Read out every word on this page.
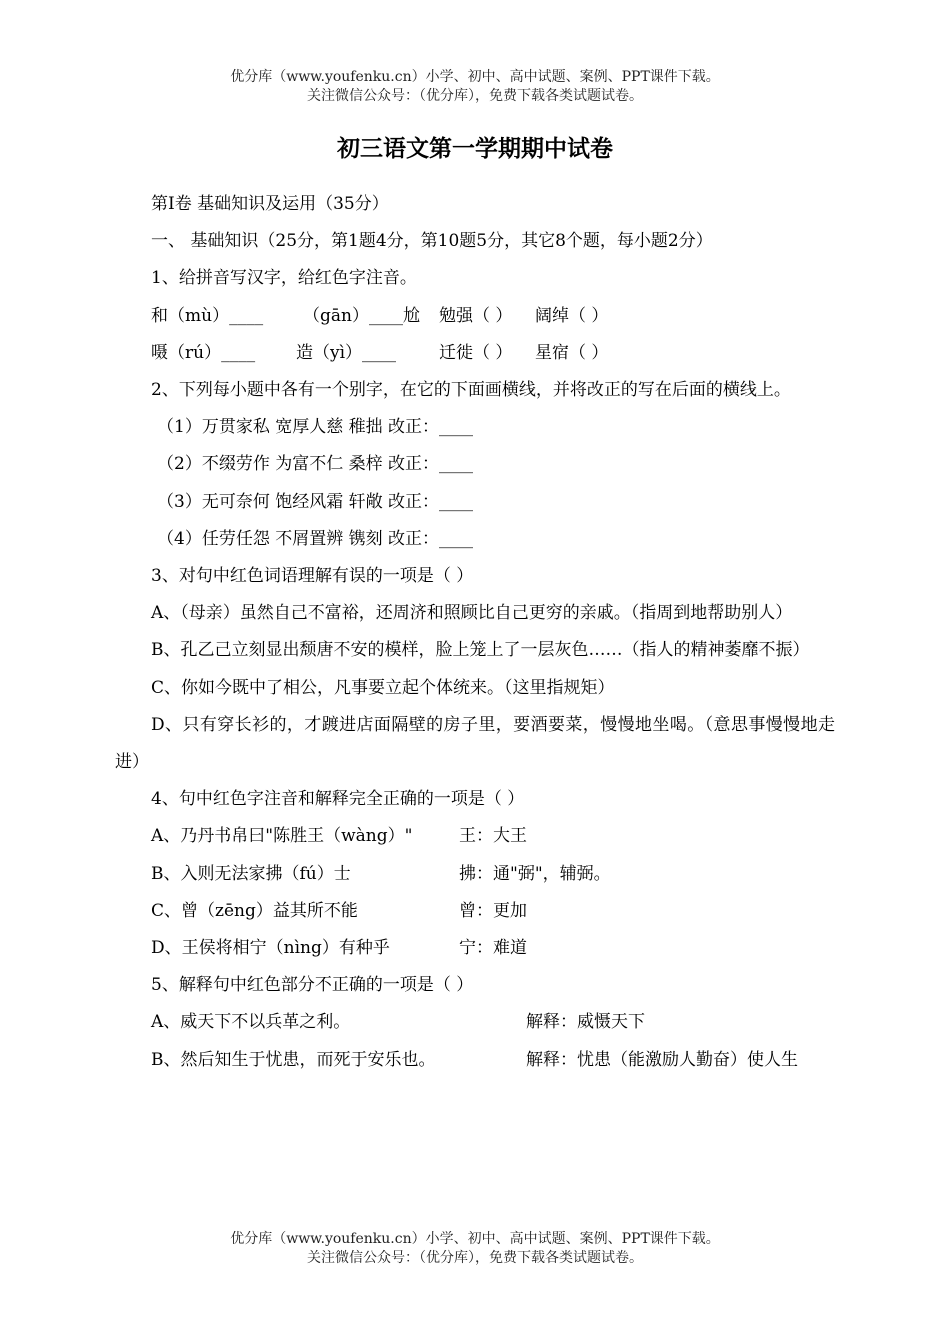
优分库（www.youfenku.cn）小学、初中、高中试题、案例、PPT课件下载。
关注微信公众号：（优分库），免费下载各类试题试卷。
初三语文第一学期期中试卷

第Ⅰ卷 基础知识及运用（35分）

一、 基础知识（25分，第1题4分，第10题5分，其它8个题，每小题2分）

1、给拼音写汉字，给红色字注音。

和（mù）____ （gān）____尬 勉强（ ） 阔绰（ ）

嗫（rú）____ 造（yì）____	迁徙（ ） 星宿（ ）

2、下列每小题中各有一个别字，在它的下面画横线，并将改正的写在后面的横线上。

（1）万贯家私 宽厚人慈 稚拙 改正：____

（2）不缀劳作 为富不仁 桑梓 改正：____

（3）无可奈何 饱经风霜 轩敞 改正：____

（4）任劳任怨 不屑置辨 镌刻 改正：____

3、对句中红色词语理解有误的一项是（ ）

A、（母亲）虽然自己不富裕，还周济和照顾比自己更穷的亲戚。（指周到地帮助别人）

B、孔乙己立刻显出颓唐不安的模样，脸上笼上了一层灰色……（指人的精神萎靡不振）

C、你如今既中了相公，凡事要立起个体统来。（这里指规矩）

D、只有穿长衫的，才踱进店面隔壁的房子里，要酒要菜，慢慢地坐喝。（意思事慢慢地走进）

4、句中红色字注音和解释完全正确的一项是（ ）

A、乃丹书帛曰"陈胜王（wàng）"	王：大王

B、入则无法家拂（fú）士	拂：通"弼"，辅弼。

C、曾（zēng）益其所不能	曾：更加

D、王侯将相宁（nìng）有种乎	宁：难道

5、解释句中红色部分不正确的一项是（ ）

A、威天下不以兵革之利。	解释：威慑天下

B、然后知生于忧患，而死于安乐也。	解释：忧患（能激励人勤奋）使人生

优分库（www.youfenku.cn）小学、初中、高中试题、案例、PPT课件下载。
关注微信公众号：（优分库），免费下载各类试题试卷。
